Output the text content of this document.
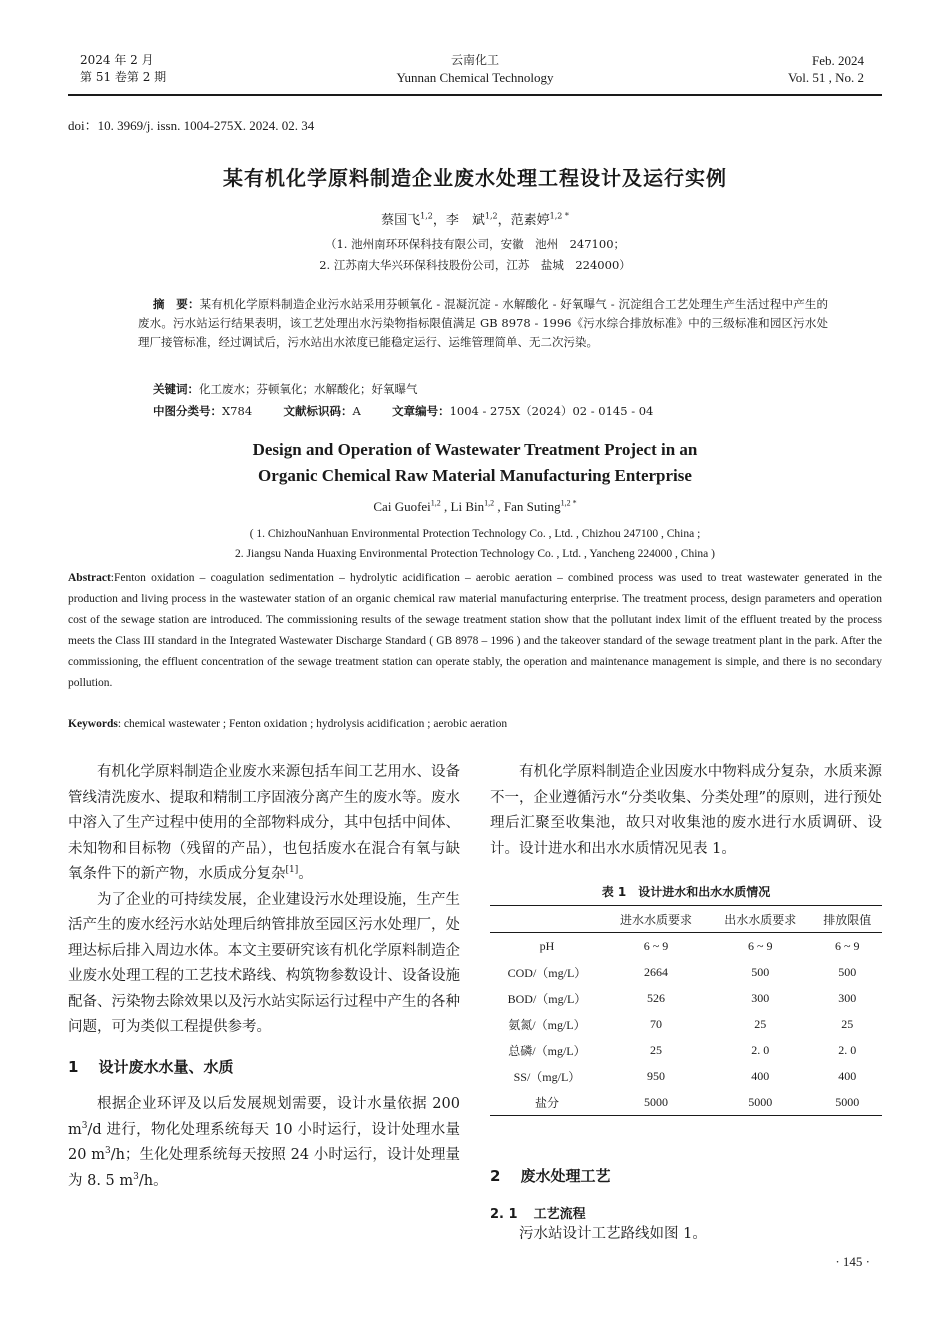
2024 年 2 月
第 51 卷第 2 期
云南化工
Yunnan Chemical Technology
Feb. 2024
Vol. 51 , No. 2
doi：10. 3969/j. issn. 1004-275X. 2024. 02. 34
某有机化学原料制造企业废水处理工程设计及运行实例
蔡国飞$^{1,2}$，李　斌$^{1,2}$，范素婷$^{1,2 *}$
（1. 池州南环环保科技有限公司，安徽　池州　247100；
2. 江苏南大华兴环保科技股份公司，江苏　盐城　224000）
摘　要：某有机化学原料制造企业污水站采用芬顿氧化 - 混凝沉淀 - 水解酸化 - 好氧曝气 - 沉淀组合工艺处理生产生活过程中产生的废水。污水站运行结果表明，该工艺处理出水污染物指标限值满足 GB 8978 - 1996《污水综合排放标准》中的三级标准和园区污水处理厂接管标准，经过调试后，污水站出水浓度已能稳定运行、运维管理简单、无二次污染。
关键词：化工废水；芬顿氧化；水解酸化；好氧曝气
中图分类号：X784	文献标识码：A	文章编号：1004 - 275X（2024）02 - 0145 - 04
Design and Operation of Wastewater Treatment Project in an
Organic Chemical Raw Material Manufacturing Enterprise
Cai Guofei$^{1,2}$ , Li Bin$^{1,2}$ , Fan Suting$^{1,2 *}$
( 1. ChizhouNanhuan Environmental Protection Technology Co. , Ltd. , Chizhou 247100 , China ;
2. Jiangsu Nanda Huaxing Environmental Protection Technology Co. , Ltd. , Yancheng 224000 , China )
Abstract:Fenton oxidation – coagulation sedimentation – hydrolytic acidification – aerobic aeration – combined process was used to treat wastewater generated in the production and living process in the wastewater station of an organic chemical raw material manufacturing enterprise. The treatment process, design parameters and operation cost of the sewage station are introduced. The commissioning results of the sewage treatment station show that the pollutant index limit of the effluent treated by the process meets the Class III standard in the Integrated Wastewater Discharge Standard ( GB 8978 – 1996 ) and the takeover standard of the sewage treatment plant in the park. After the commissioning, the effluent concentration of the sewage treatment station can operate stably, the operation and maintenance management is simple, and there is no secondary pollution.
Keywords: chemical wastewater ; Fenton oxidation ; hydrolysis acidification ; aerobic aeration

有机化学原料制造企业废水来源包括车间工艺用水、设备管线清洗废水、提取和精制工序固液分离产生的废水等。废水中溶入了生产过程中使用的全部物料成分，其中包括中间体、未知物和目标物（残留的产品），也包括废水在混合有氧与缺氧条件下的新产物，水质成分复杂[1]。

为了企业的可持续发展，企业建设污水处理设施，生产生活产生的废水经污水站处理后纳管排放至园区污水处理厂，处理达标后排入周边水体。本文主要研究该有机化学原料制造企业废水处理工程的工艺技术路线、构筑物参数设计、设备设施配备、污染物去除效果以及污水站实际运行过程中产生的各种问题，可为类似工程提供参考。

1 设计废水水量、水质

根据企业环评及以后发展规划需要，设计水量依据 200 $m^3/d$ 进行，物化处理系统每天 10 小时运行，设计处理水量 20 $m^3/h$；生化处理系统每天按照 24 小时运行，设计处理量为 8. 5 $m^3/h$。

有机化学原料制造企业因废水中物料成分复杂，水质来源不一，企业遵循污水“分类收集、分类处理”的原则，进行预处理后汇聚至收集池，故只对收集池的废水进行水质调研、设计。设计进水和出水水质情况见表 1。

表 1　设计进水和出水水质情况
	进水水质要求	出水水质要求	排放限值
pH	6 ~ 9	6 ~ 9	6 ~ 9
COD/（mg/L）	2664	500	500
BOD/（mg/L）	526	300	300
氨氮/（mg/L）	70	25	25
总磷/（mg/L）	25	2. 0	2. 0
SS/（mg/L）	950	400	400
盐分	5000	5000	5000
2 废水处理工艺
2. 1 工艺流程

污水站设计工艺路线如图 1。

· 145 ·
